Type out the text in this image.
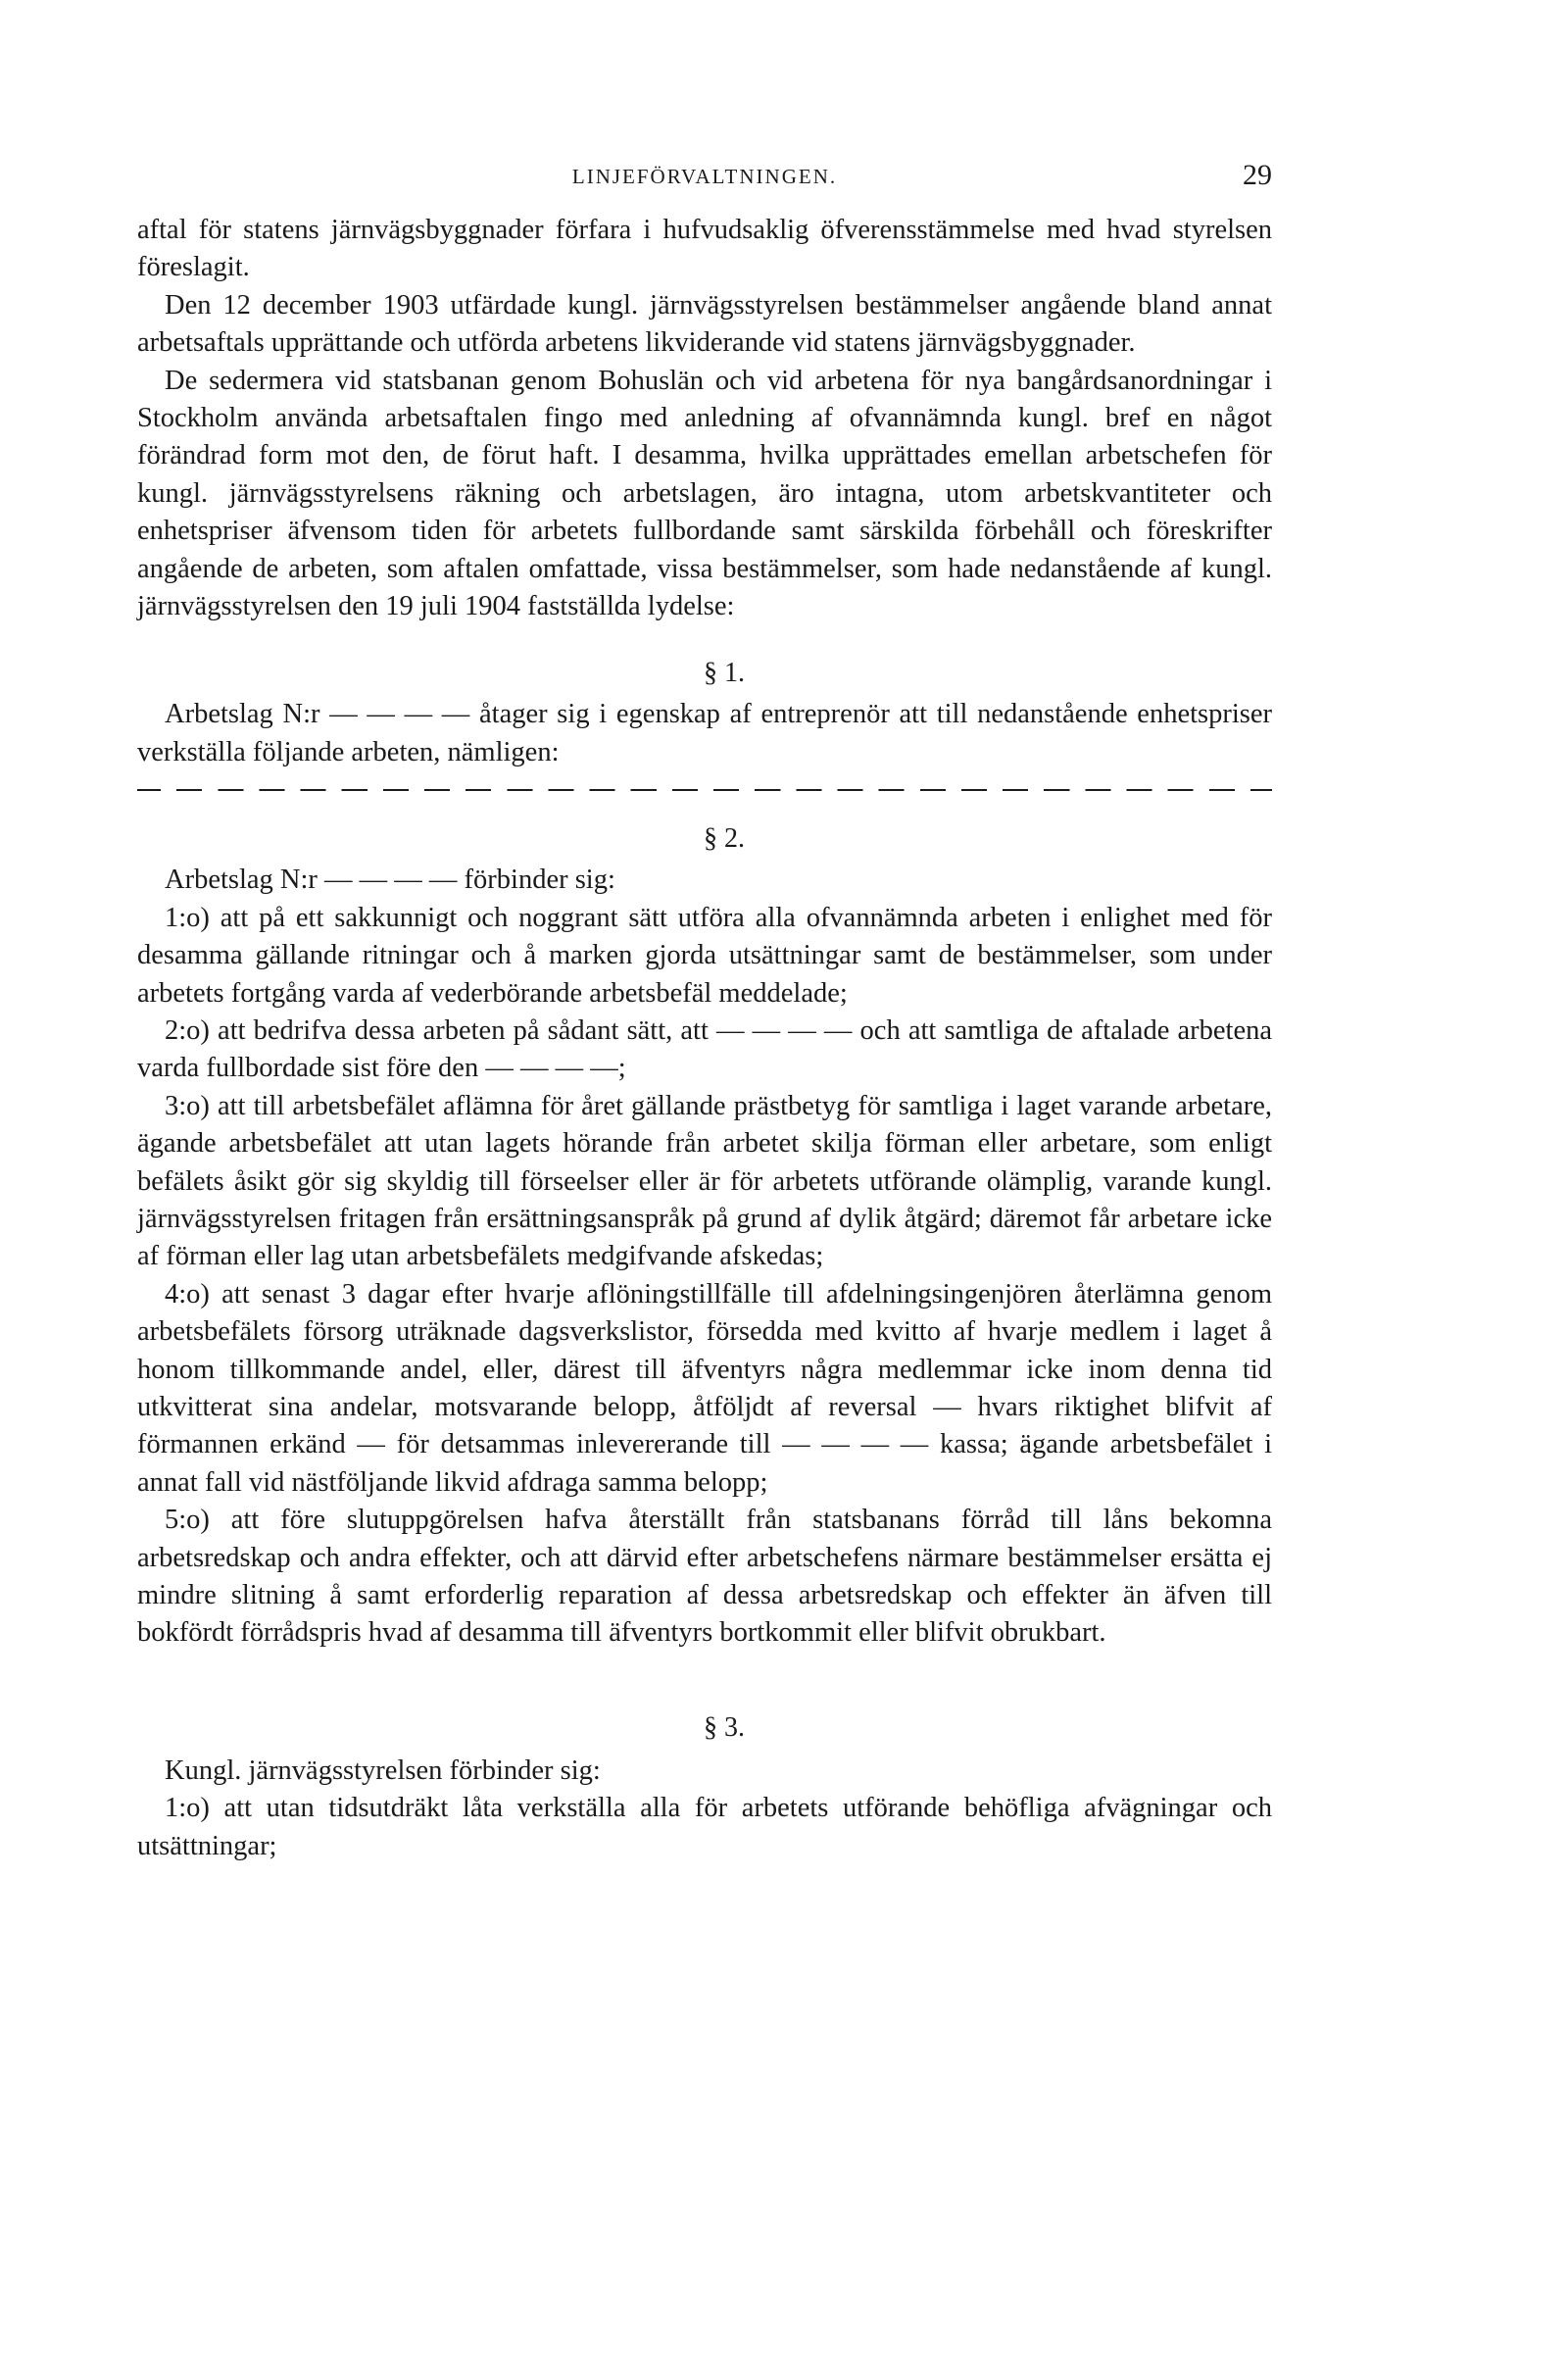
LINJEFÖRVALTNINGEN.	29

aftal för statens järnvägsbyggnader förfara i hufvudsaklig öfverensstämmelse med hvad styrelsen föreslagit.

Den 12 december 1903 utfärdade kungl. järnvägsstyrelsen bestämmelser angående bland annat arbetsaftals upprättande och utförda arbetens likviderande vid statens järnvägsbyggnader.

De sedermera vid statsbanan genom Bohuslän och vid arbetena för nya bangårdsanordningar i Stockholm använda arbetsaftalen fingo med anledning af ofvannämnda kungl. bref en något förändrad form mot den, de förut haft. I desamma, hvilka upprättades emellan arbetschefen för kungl. järnvägsstyrelsens räkning och arbetslagen, äro intagna, utom arbetskvantiteter och enhetspriser äfvensom tiden för arbetets fullbordande samt särskilda förbehåll och föreskrifter angående de arbeten, som aftalen omfattade, vissa bestämmelser, som hade nedanstående af kungl. järnvägsstyrelsen den 19 juli 1904 fastställda lydelse:

§ 1.

Arbetslag N:r — — — — åtager sig i egenskap af entreprenör att till nedanstående enhetspriser verkställa följande arbeten, nämligen:

§ 2.

Arbetslag N:r — — — — förbinder sig:

1:o) att på ett sakkunnigt och noggrant sätt utföra alla ofvannämnda arbeten i enlighet med för desamma gällande ritningar och å marken gjorda utsättningar samt de bestämmelser, som under arbetets fortgång varda af vederbörande arbetsbefäl meddelade;

2:o) att bedrifva dessa arbeten på sådant sätt, att — — — — och att samtliga de aftalade arbetena varda fullbordade sist före den — — — —;

3:o) att till arbetsbefälet aflämna för året gällande prästbetyg för samtliga i laget varande arbetare, ägande arbetsbefälet att utan lagets hörande från arbetet skilja förman eller arbetare, som enligt befälets åsikt gör sig skyldig till förseelser eller är för arbetets utförande olämplig, varande kungl. järnvägsstyrelsen fritagen från ersättningsanspråk på grund af dylik åtgärd; däremot får arbetare icke af förman eller lag utan arbetsbefälets medgifvande afskedas;

4:o) att senast 3 dagar efter hvarje aflöningstillfälle till afdelningsingenjören återlämna genom arbetsbefälets försorg uträknade dagsverkslistor, försedda med kvitto af hvarje medlem i laget å honom tillkommande andel, eller, därest till äfventyrs några medlemmar icke inom denna tid utkvitterat sina andelar, motsvarande belopp, åtföljdt af reversal — hvars riktighet blifvit af förmannen erkänd — för detsammas inlevererande till — — — — kassa; ägande arbetsbefälet i annat fall vid nästföljande likvid afdraga samma belopp;

5:o) att före slutuppgörelsen hafva återställt från statsbanans förråd till låns bekomna arbetsredskap och andra effekter, och att därvid efter arbetschefens närmare bestämmelser ersätta ej mindre slitning å samt erforderlig reparation af dessa arbetsredskap och effekter än äfven till bokfördt förrådspris hvad af desamma till äfventyrs bortkommit eller blifvit obrukbart.

§ 3.

Kungl. järnvägsstyrelsen förbinder sig:

1:o) att utan tidsutdräkt låta verkställa alla för arbetets utförande behöfliga afvägningar och utsättningar;
